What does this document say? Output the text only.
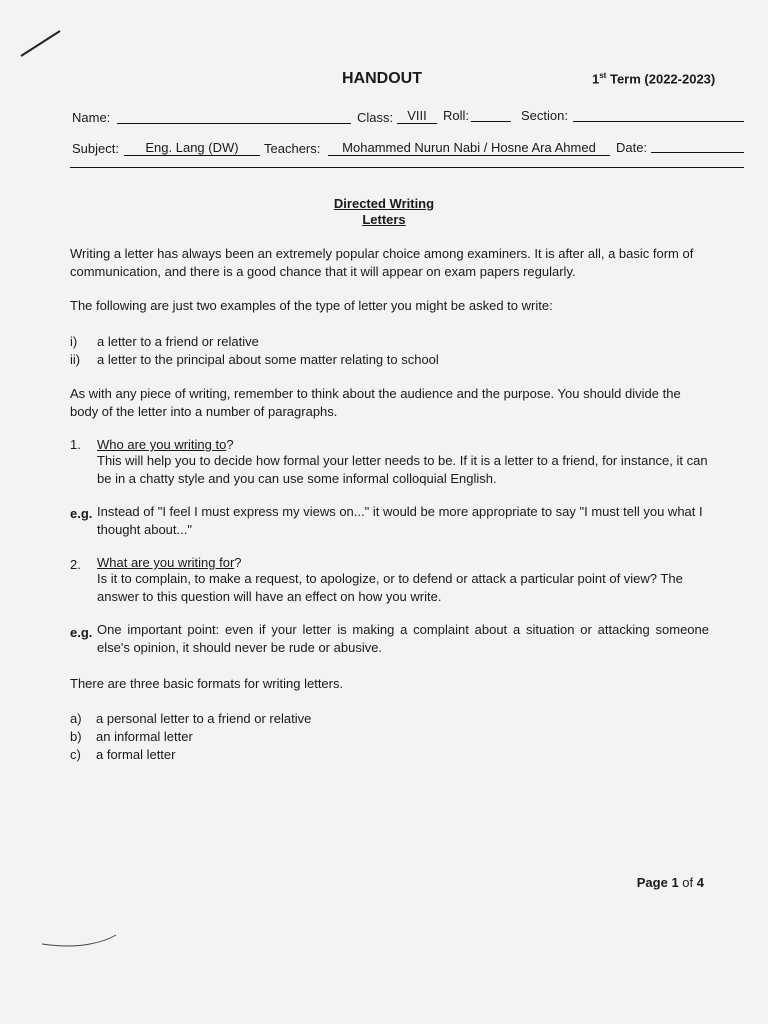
HANDOUT	1st Term (2022-2023)
Name:	Class:	VIII	Roll:	Section:
Subject:	Eng. Lang (DW)	Teachers:	Mohammed Nurun Nabi / Hosne Ara Ahmed	Date:
Directed Writing
Letters
Writing a letter has always been an extremely popular choice among examiners. It is after all, a basic form of communication, and there is a good chance that it will appear on exam papers regularly.
The following are just two examples of the type of letter you might be asked to write:
i) a letter to a friend or relative
ii) a letter to the principal about some matter relating to school
As with any piece of writing, remember to think about the audience and the purpose. You should divide the body of the letter into a number of paragraphs.
1. Who are you writing to?
This will help you to decide how formal your letter needs to be. If it is a letter to a friend, for instance, it can be in a chatty style and you can use some informal colloquial English.
e.g. Instead of "I feel I must express my views on..." it would be more appropriate to say "I must tell you what I thought about..."
2. What are you writing for?
Is it to complain, to make a request, to apologize, or to defend or attack a particular point of view? The answer to this question will have an effect on how you write.
e.g. One important point: even if your letter is making a complaint about a situation or attacking someone else's opinion, it should never be rude or abusive.
There are three basic formats for writing letters.
a) a personal letter to a friend or relative
b) an informal letter
c) a formal letter
Page 1 of 4
